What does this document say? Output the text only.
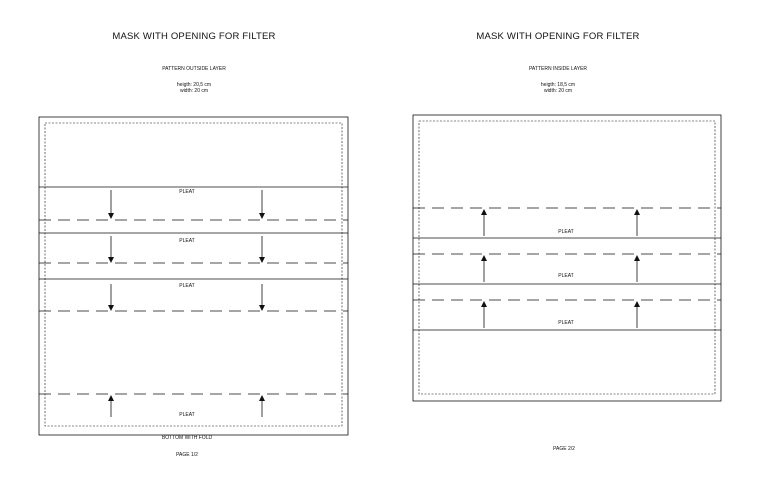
MASK WITH OPENING FOR FILTER
PATTERN OUTSIDE LAYER
heigth: 20,5 cm
width: 20 cm
PLEAT
PLEAT
PLEAT
PLEAT
BOTTOM WITH FOLD
PAGE 1/2
MASK WITH OPENING FOR FILTER
PATTERN INSIDE LAYER
heigth: 18,5 cm
width: 20 cm
PLEAT
PLEAT
PLEAT
PAGE 2/2
